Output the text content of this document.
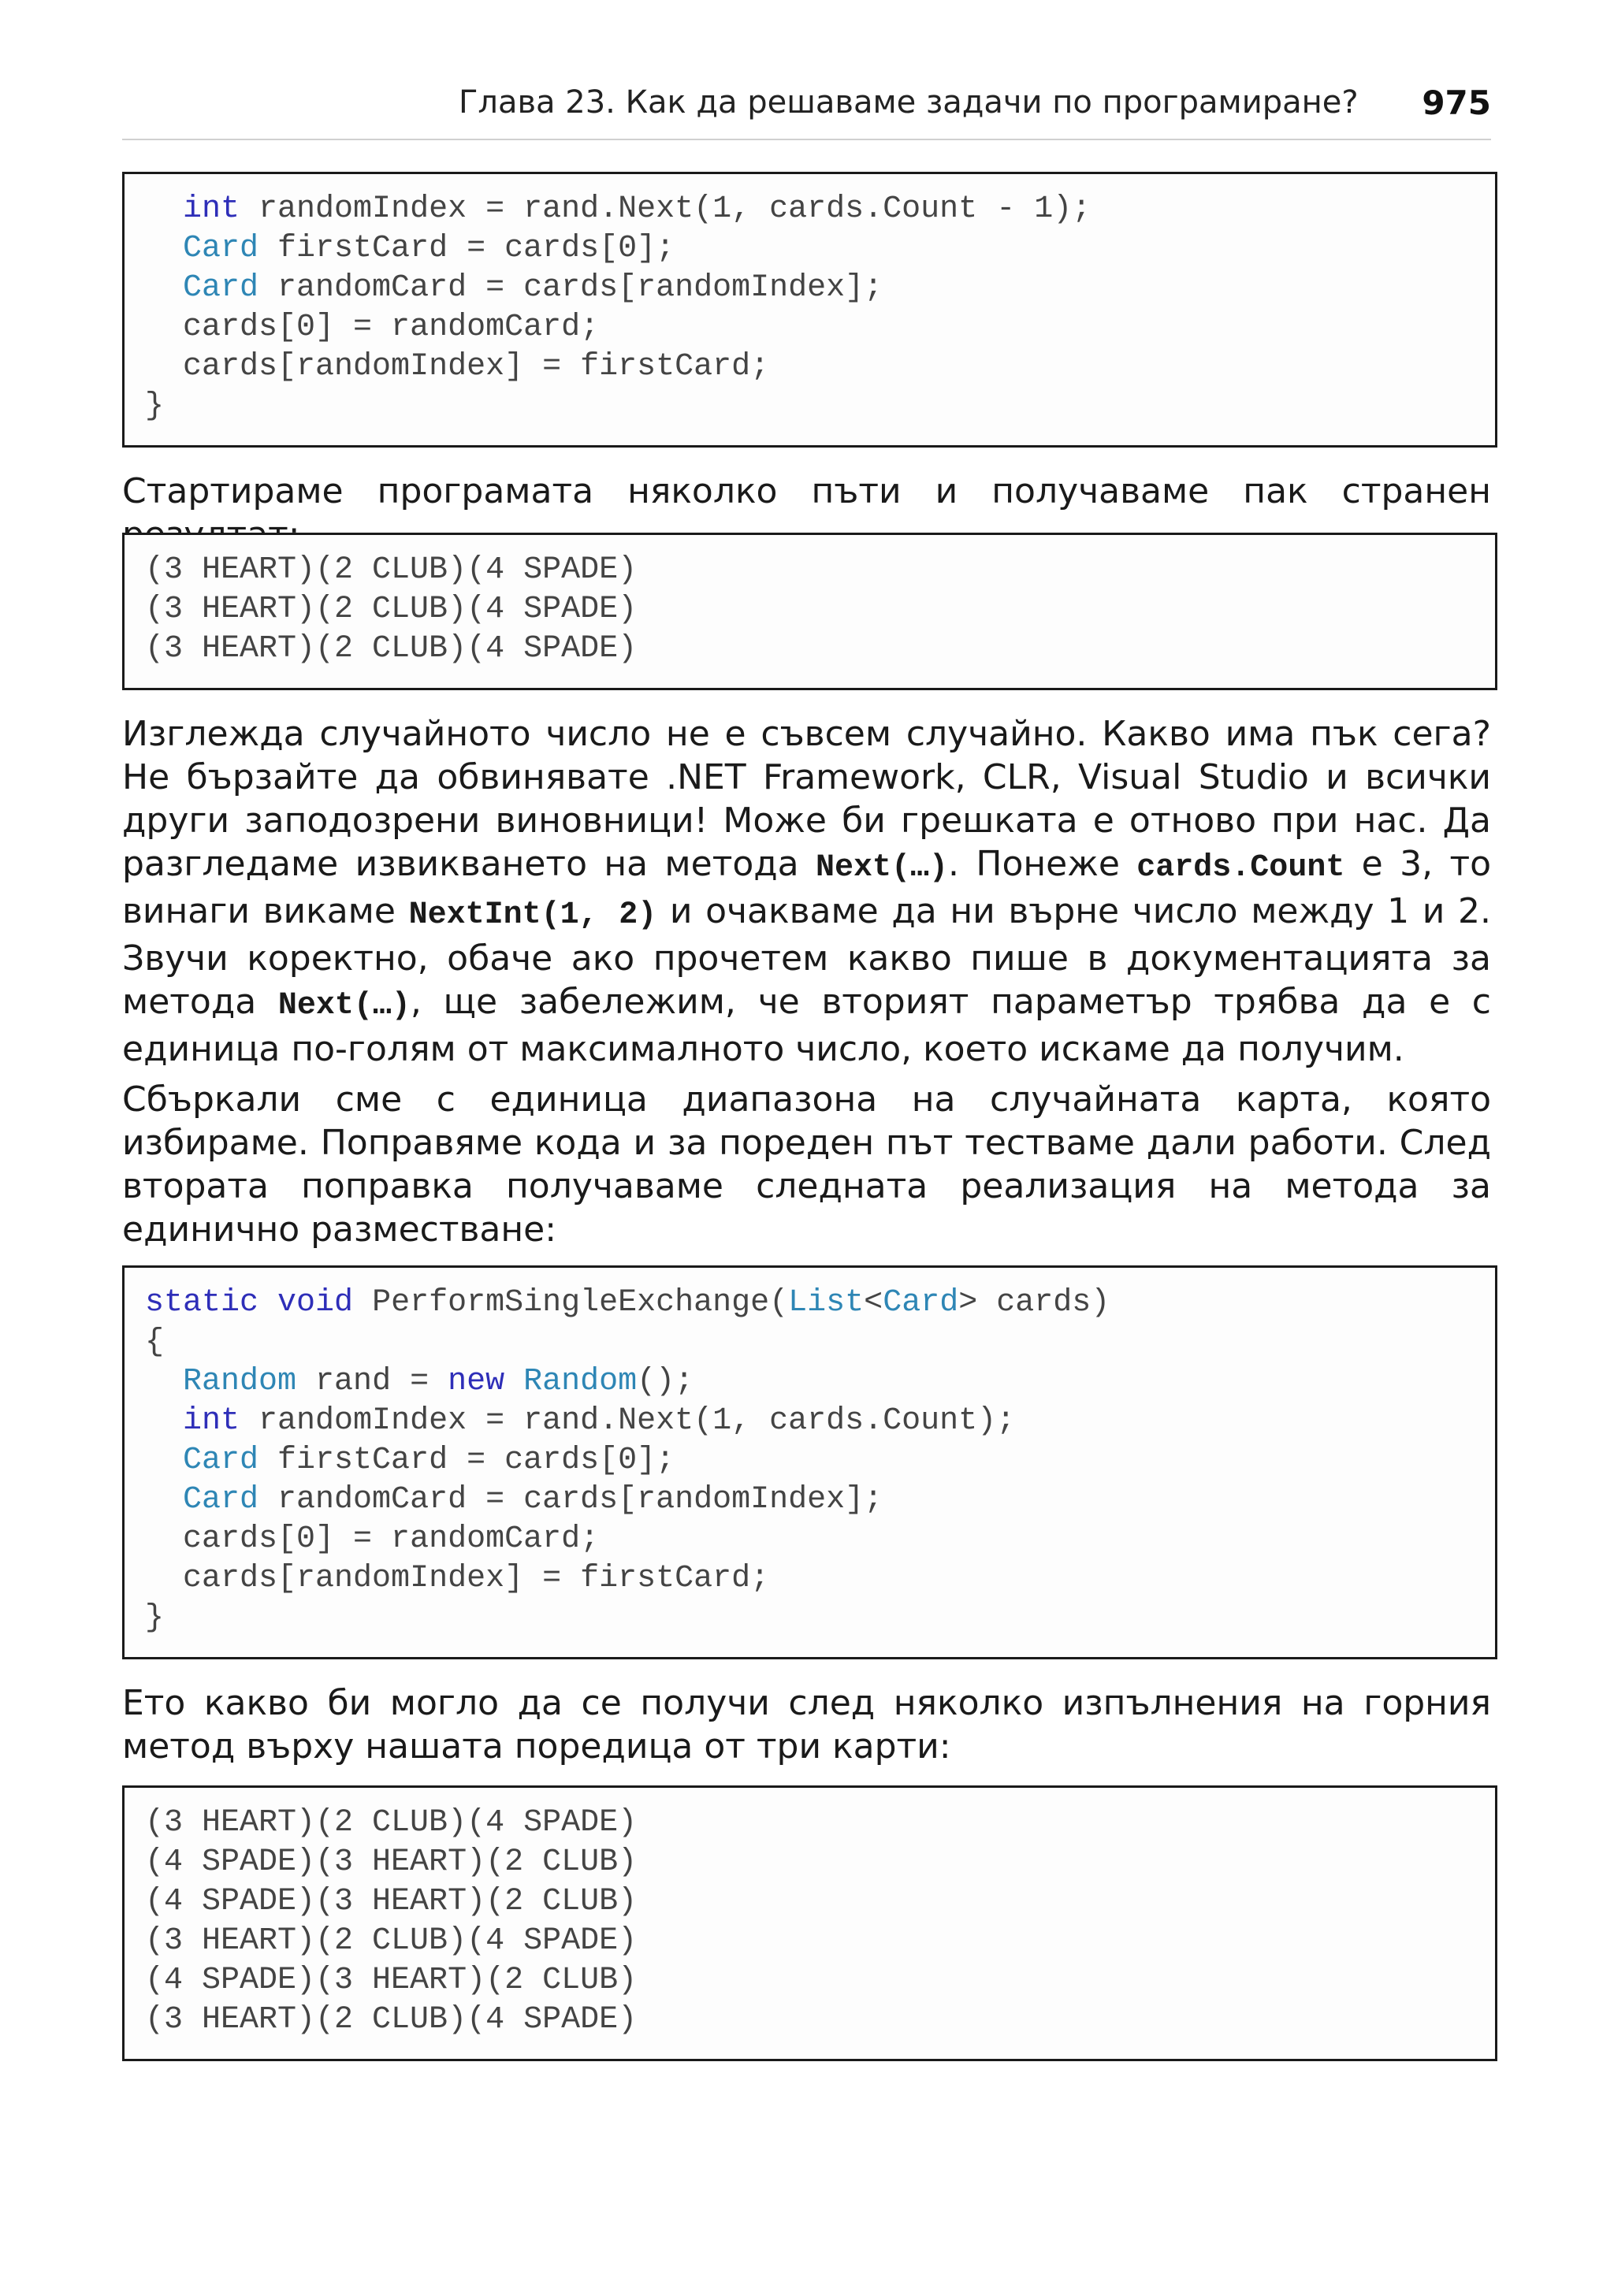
Глава 23. Как да решаваме задачи по програмиране? 975
int randomIndex = rand.Next(1, cards.Count - 1);
Card firstCard = cards[0];
Card randomCard = cards[randomIndex];
cards[0] = randomCard;
cards[randomIndex] = firstCard;
}
Стартираме програмата няколко пъти и получаваме пак странен
(3 HEART)(2 CLUB)(4 SPADE)
(3 HEART)(2 CLUB)(4 SPADE)
(3 HEART)(2 CLUB)(4 SPADE)
Изглежда случайното число не е съвсем случайно. Какво има пък сега? Не бързайте да обвинявате .NET Framework, CLR, Visual Studio и всички други заподозрени виновници! Може би грешката е отново при нас. Да разгледаме извикването на метода Next(…). Понеже cards.Count е 3, то винаги викаме NextInt(1, 2) и очакваме да ни върне число между 1 и 2. Звучи коректно, обаче ако прочетем какво пише в документацията за метода Next(…), ще забележим, че вторият параметър трябва да е с единица по-голям от максималното число, което искаме да получим.
Сбъркали сме с единица диапазона на случайната карта, която избираме. Поправяме кода и за пореден път тестваме дали работи. След втората поправка получаваме следната реализация на метода за единично разместване:
static void PerformSingleExchange(List<Card> cards)
{
Random rand = new Random();
int randomIndex = rand.Next(1, cards.Count);
Card firstCard = cards[0];
Card randomCard = cards[randomIndex];
cards[0] = randomCard;
cards[randomIndex] = firstCard;
}
Ето какво би могло да се получи след няколко изпълнения на горния метод върху нашата поредица от три карти:
(3 HEART)(2 CLUB)(4 SPADE)
(4 SPADE)(3 HEART)(2 CLUB)
(4 SPADE)(3 HEART)(2 CLUB)
(3 HEART)(2 CLUB)(4 SPADE)
(4 SPADE)(3 HEART)(2 CLUB)
(3 HEART)(2 CLUB)(4 SPADE)
